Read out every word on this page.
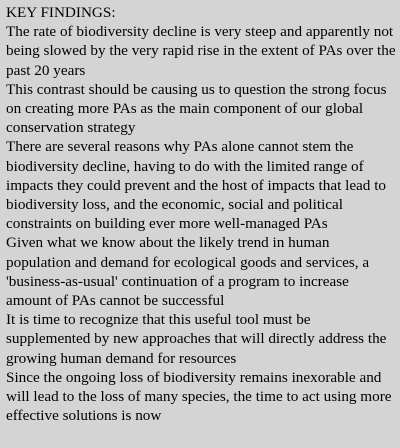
KEY FINDINGS:

The rate of biodiversity decline is very steep and apparently not being slowed by the very rapid rise in the extent of PAs over the past 20 years

This contrast should be causing us to question the strong focus on creating more PAs as the main component of our global conservation strategy

There are several reasons why PAs alone cannot stem the biodiversity decline, having to do with the limited range of impacts they could prevent and the host of impacts that lead to biodiversity loss, and the economic, social and political constraints on building ever more well-managed PAs

Given what we know about the likely trend in human population and demand for ecological goods and services, a 'business-as-usual' continuation of a program to increase amount of PAs cannot be successful

It is time to recognize that this useful tool must be supplemented by new approaches that will directly address the growing human demand for resources

Since the ongoing loss of biodiversity remains inexorable and will lead to the loss of many species, the time to act using more effective solutions is now
